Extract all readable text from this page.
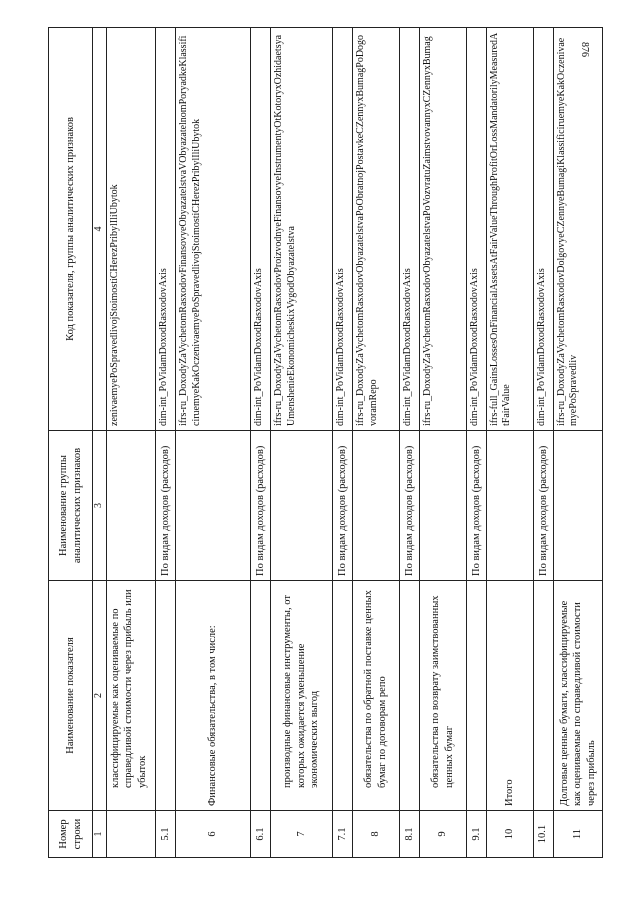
876
Номер строки	Наименование показателя	Наименование группы аналитических признаков	Код показателя, группы аналитических признаков
1	2	3	4
	классифицируемые как оцениваемые по справедливой стоимости через прибыль или убыток		zenivaemyePoSpravedlivojStoimostiCHerezPribylIliUbytok
5.1		По видам доходов (расходов)	dim-int_PoVidamDoxodRasxodovAxis
6	Финансовые обязательства, в том числе:		ifrs-ru_DoxodyZaVychetomRasxodovFinansovyeObyazatelstvaVObyazatelnomPoryadkeKlassificiruemyeKakOczenivaemyePoSpravedlivojStoimostiCHerezPribylIliUbytok
6.1		По видам доходов (расходов)	dim-int_PoVidamDoxodRasxodovAxis
7	производные финансовые инструменты, от которых ожидается уменьшение экономических выгод		ifrs-ru_DoxodyZaVychetomRasxodovProizvodnyeFinansovyeInstrumentyOtKotoryxOzhidaetsyaUmenshenieEkonomicheskixVygodObyazatelstva
7.1		По видам доходов (расходов)	dim-int_PoVidamDoxodRasxodovAxis
8	обязательства по обратной поставке ценных бумаг по договорам репо		ifrs-ru_DoxodyZaVychetomRasxodovObyazatelstvaPoObratnojPostavkeCZennyxBumagPoDogovoramRepo
8.1		По видам доходов (расходов)	dim-int_PoVidamDoxodRasxodovAxis
9	обязательства по возврату заимствованных ценных бумаг		ifrs-ru_DoxodyZaVychetomRasxodovObyazatelstvaPoVozvratuZaimstvovannyxCZennyxBumag
9.1		По видам доходов (расходов)	dim-int_PoVidamDoxodRasxodovAxis
10	Итого		ifrs-full_GainsLossesOnFinancialAssetsAtFairValueThroughProfitOrLossMandatorilyMeasuredAtFairValue
10.1		По видам доходов (расходов)	dim-int_PoVidamDoxodRasxodovAxis
11	Долговые ценные бумаги, классифицируемые как оцениваемые по справедливой стоимости через прибыль		ifrs-ru_DoxodyZaVychetomRasxodovDolgovyeCZennyeBumagiKlassificiruemyeKakOczenivaemyePoSpravedliv
